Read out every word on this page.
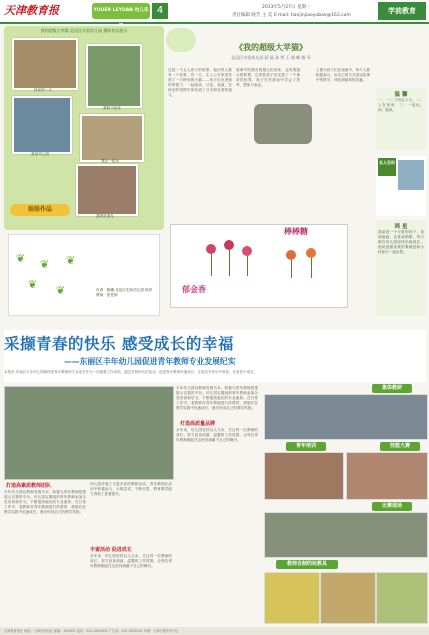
天津教育报	YOUER LEYUAN 幼儿乐 4	2013年5月27日 星期一
责任编辑 晓芳 主 美 E-mail: tianjinjiaoyubao@163.com
学前教育
我的超级大苹猫 北辰区实验幼儿园 摄影作品展示
快乐的一天
我和小伙伴
我爱幼儿园
我们一起玩
我的好朋友
娃娃作品
《我的超级大苹猫》
北辰区实验幼儿园 薛 晶 孙 然 王 瑞 峰 指 导
这是一个五人孩子的故事，他们每人都有一个故事，有一天，主人公在家里发现了一只特别的小猫……孩子们在老师的带领下，一起阅读、讨论、表演，在快乐的氛围中体验到了分享和友爱的意义。
故事中的猫有着超大的身体，也有着超大的梦想，它带着孩子们走进了一个神奇的世界，孩子们在游戏中学会了思考、想象与表达。
上图为孩子们在表演中，每个人都积极参与，用自己的方式表达故事中的情节，体验到阅读的乐趣。
温 馨
一、一二三四五六七，二、人在家里，三、一起玩，四、阅读。
名人百科
鸿 星
鸿星是一个可爱的孩子，喜欢画画，也喜欢唱歌，每天都在幼儿园里快乐地成长。他说他最喜欢的事就是和小伙伴们一起玩耍。
❦ ❦ ❦
❦ ❦	作者：陈曦 北辰区实验幼儿园 指导教师：张老师
棒棒糖
郁金香
采撷青春的快乐 感受成长的幸福
——东丽区丰年幼儿园促进青年教师专业发展纪实
本报讯 东丽区丰年幼儿园始终把青年教师的专业成长作为一项重要工作来抓，通过多种形式的活动，促进青年教师快速成长，让她们在快乐中收获、在收获中成长。
打造高素质教师团队
丰年幼儿园以教师发展为本，积极为青年教师搭建展示自我的平台。幼儿园定期组织青年教师参加各类培训和学习，不断提高她们的专业素养。在日常工作中，老教师对青年教师进行传帮带，使她们在教学实践中迅速成长，逐步形成自己的教学风格。
幼儿园开展了丰富多彩的教研活动，青年教师在活动中积极参与、大胆尝试，不断反思，教育教学能力得到了显著提升。
丰富活动 促进成长
多年来，幼儿园坚持以人为本，关注每一位教师的成长，努力营造和谐、温馨的工作氛围，让每位青年教师都能在这里找到属于自己的舞台。
打造高质量品牌
丰年幼儿园以教师发展为本，积极为青年教师搭建展示自我的平台。幼儿园定期组织青年教师参加各类培训和学习，不断提高她们的专业素养。在日常工作中，老教师对青年教师进行传帮带，使她们在教学实践中迅速成长，逐步形成自己的教学风格。
多年来，幼儿园坚持以人为本，关注每一位教师的成长，努力营造和谐、温馨的工作氛围，让每位青年教师都能在这里找到属于自己的舞台。
集体教研
青年培训	技能大赛
比赛现场
教师自制的玩教具
天津教育报社 地址：天津市河西区 邮编：300000 电话：022-2830000 广告部：022-2830001 印刷：天津日报印务中心
